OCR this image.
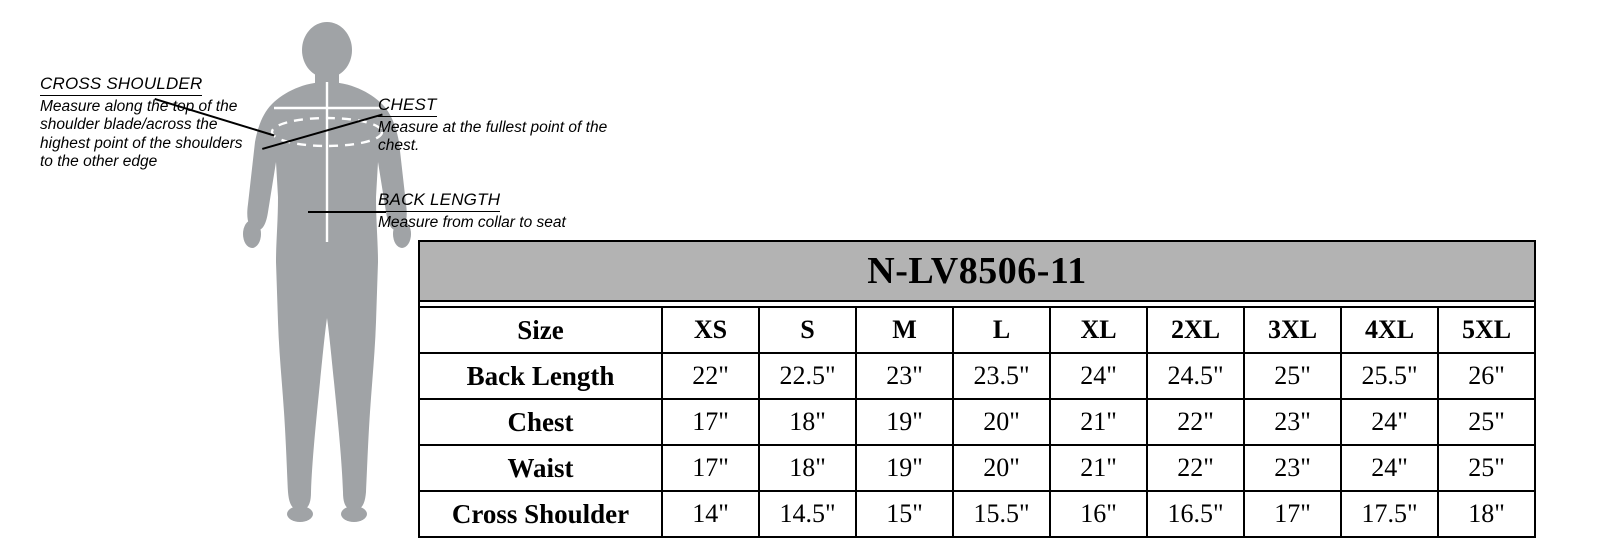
CROSS SHOULDER
Measure along the top of the shoulder blade/across the highest point of the shoulders to the other edge
CHEST
Measure at the fullest point of the chest.
BACK LENGTH
Measure from collar to seat
N-LV8506-11									

Size	XS	S	M	L	XL	2XL	3XL	4XL	5XL
Back Length	22"	22.5"	23"	23.5"	24"	24.5"	25"	25.5"	26"
Chest	17"	18"	19"	20"	21"	22"	23"	24"	25"
Waist	17"	18"	19"	20"	21"	22"	23"	24"	25"
Cross Shoulder	14"	14.5"	15"	15.5"	16"	16.5"	17"	17.5"	18"
